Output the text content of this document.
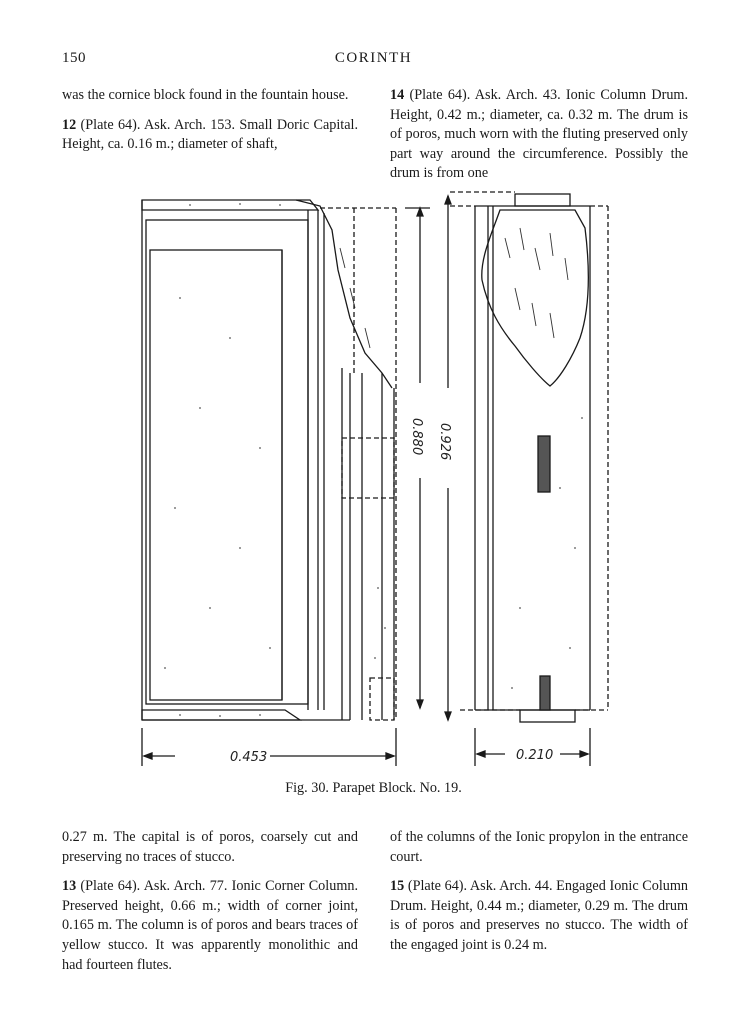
150	CORINTH

was the cornice block found in the fountain house.

12 (Plate 64). Ask. Arch. 153. Small Doric Capital. Height, ca. 0.16 m.; diameter of shaft,

14 (Plate 64). Ask. Arch. 43. Ionic Column Drum. Height, 0.42 m.; diameter, ca. 0.32 m. The drum is of poros, much worn with the fluting preserved only part way around the circumference. Possibly the drum is from one

0.453	0.210
0.880 0.926
Fig. 30. Parapet Block. No. 19.

0.27 m. The capital is of poros, coarsely cut and preserving no traces of stucco.

13 (Plate 64). Ask. Arch. 77. Ionic Corner Column. Preserved height, 0.66 m.; width of corner joint, 0.165 m. The column is of poros and bears traces of yellow stucco. It was apparently monolithic and had fourteen flutes.

of the columns of the Ionic propylon in the entrance court.

15 (Plate 64). Ask. Arch. 44. Engaged Ionic Column Drum. Height, 0.44 m.; diameter, 0.29 m. The drum is of poros and preserves no stucco. The width of the engaged joint is 0.24 m.
